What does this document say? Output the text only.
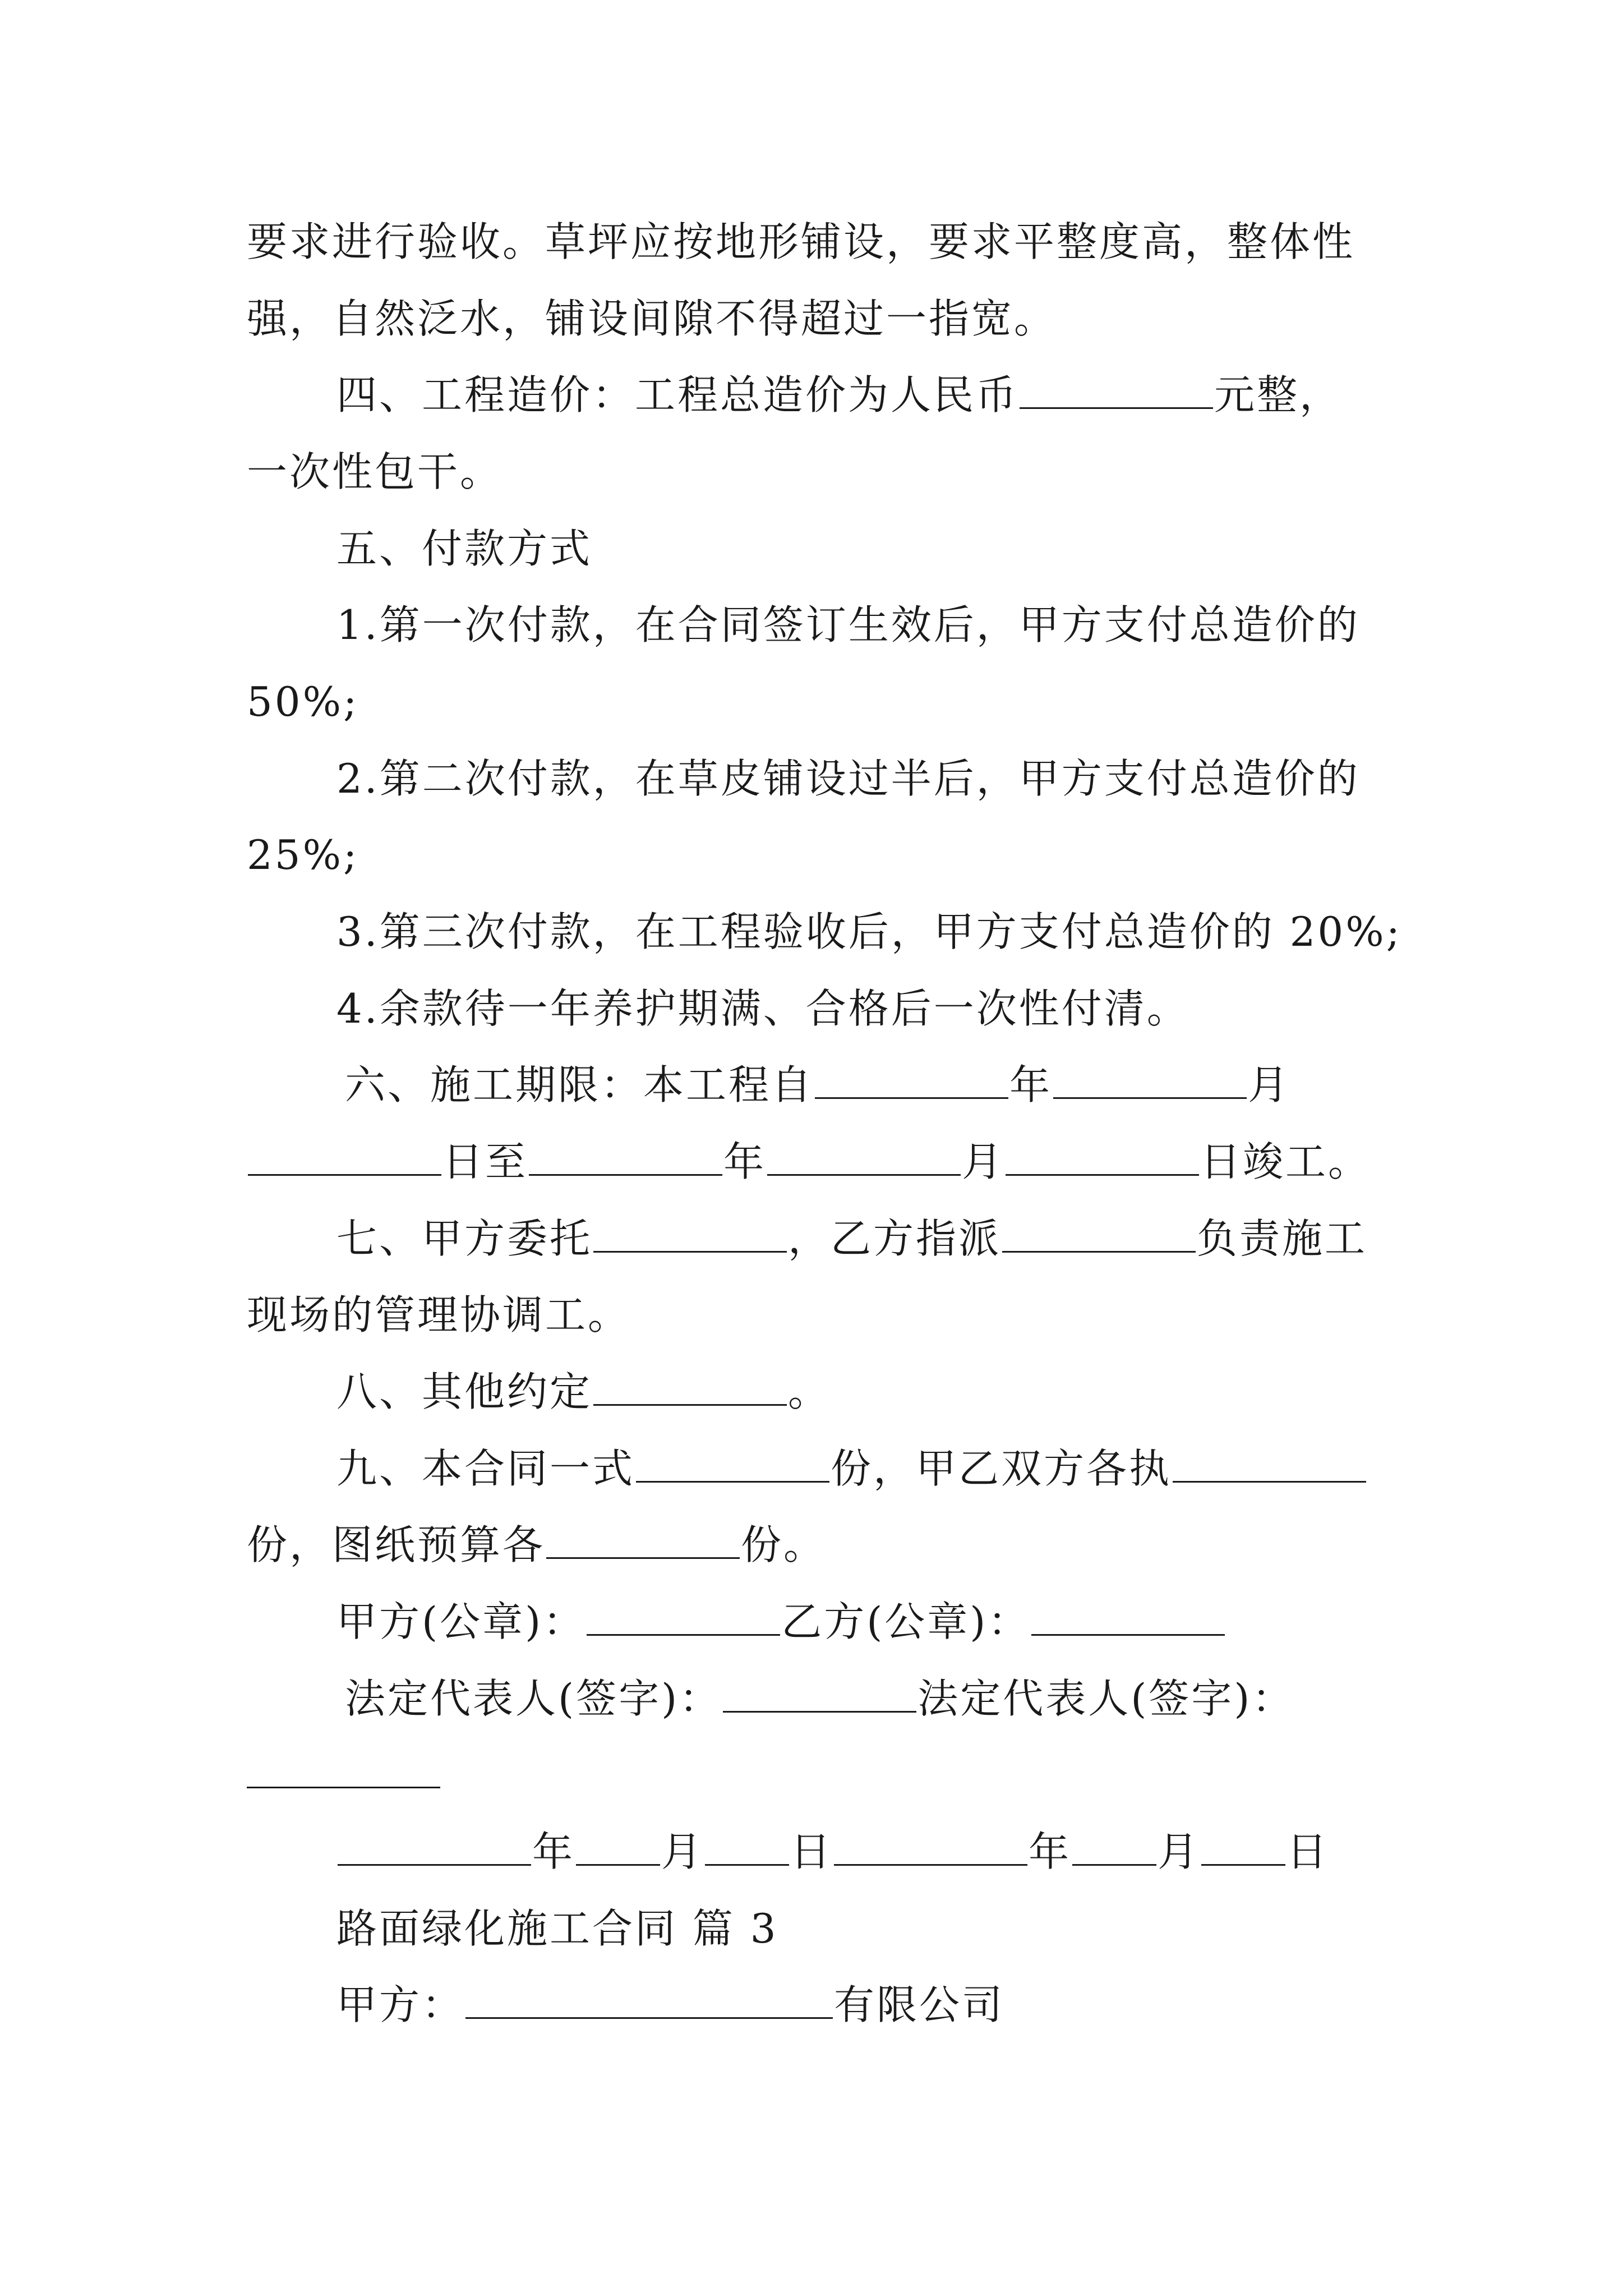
要求进行验收。草坪应按地形铺设，要求平整度高，整体性
强，自然泛水，铺设间隙不得超过一指宽。
四、工程造价：工程总造价为人民币	元整，
一次性包干。
五、付款方式
1.第一次付款，在合同签订生效后，甲方支付总造价的
50%;
2.第二次付款，在草皮铺设过半后，甲方支付总造价的
25%;
3.第三次付款，在工程验收后，甲方支付总造价的 20%;
4.余款待一年养护期满、合格后一次性付清。
六、施工期限：本工程自	年	月
日至	年	月	日竣工。
七、甲方委托	，乙方指派	负责施工
现场的管理协调工。
八、其他约定	。
九、本合同一式	份，甲乙双方各执
份，图纸预算各	份。
甲方(公章)：	乙方(公章)：
法定代表人(签字)：	法定代表人(签字)：
年 月 日	年 月 日
路面绿化施工合同 篇 3
甲方：	有限公司
